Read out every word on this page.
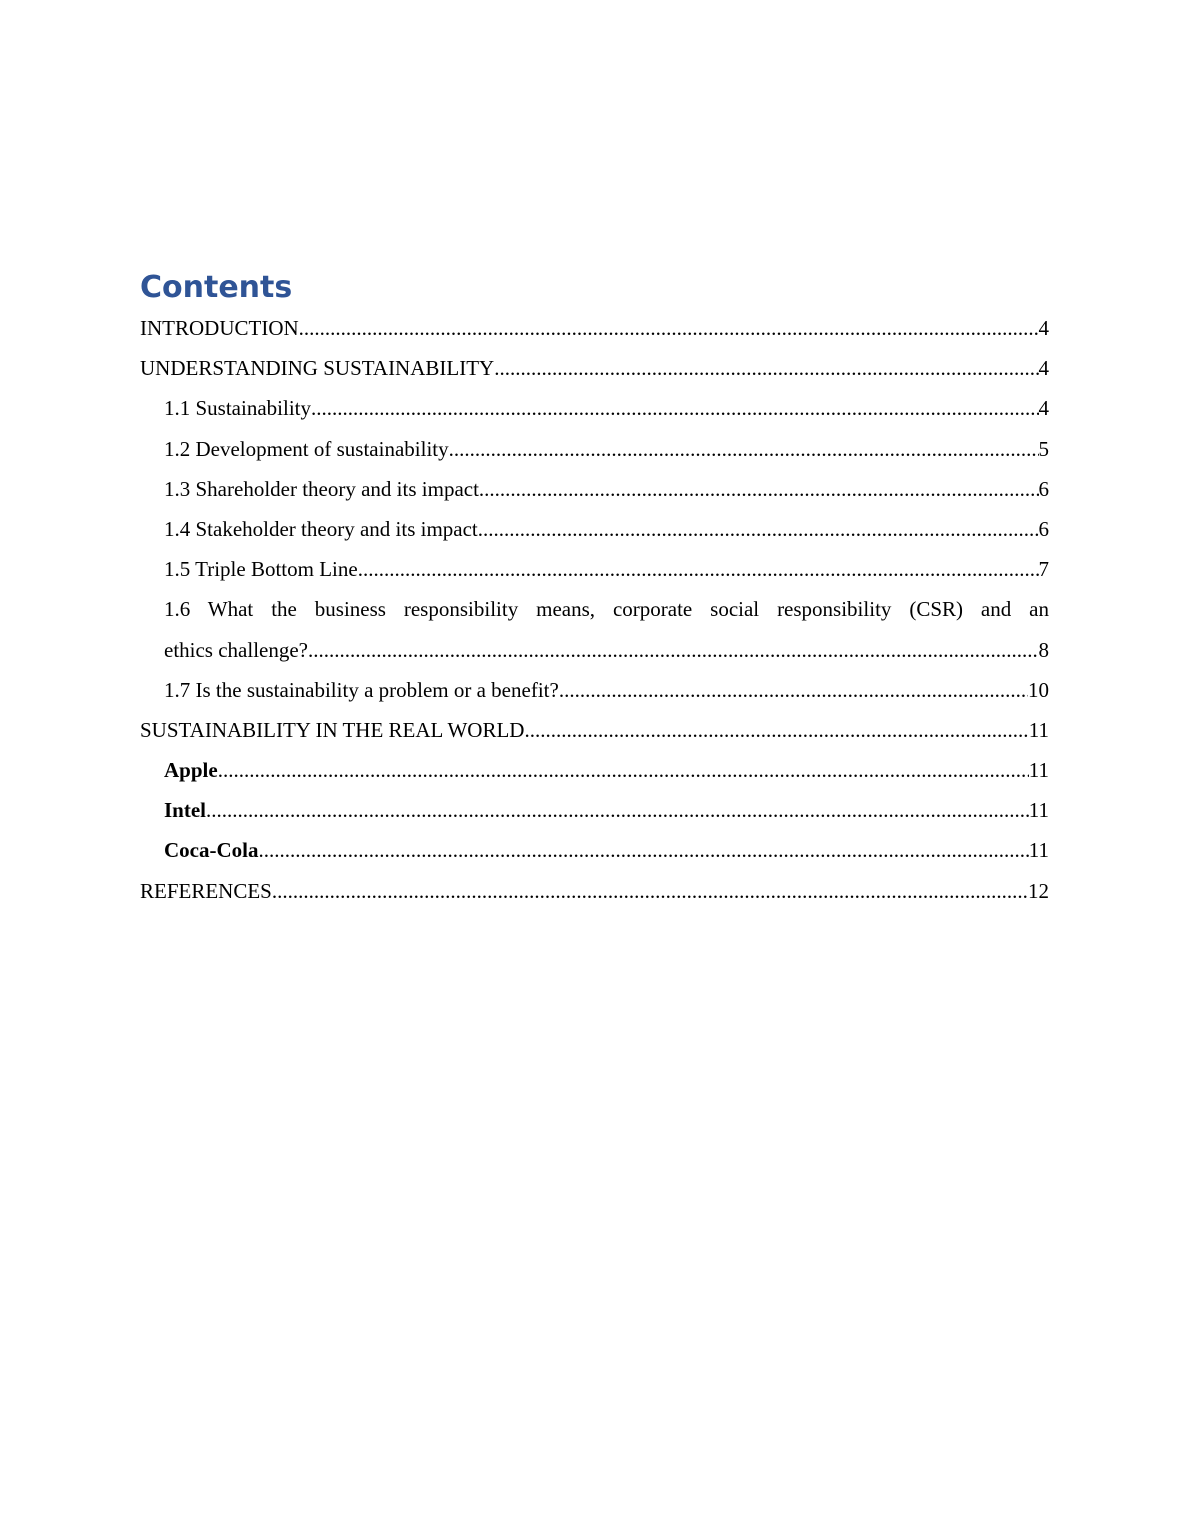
Contents
INTRODUCTION .....	4
UNDERSTANDING SUSTAINABILITY .....	4
1.1 Sustainability .....	4
1.2 Development of sustainability .....	5
1.3 Shareholder theory and its impact .....	6
1.4 Stakeholder theory and its impact .....	6
1.5 Triple Bottom Line .....	7
1.6 What the business responsibility means, corporate social responsibility (CSR) and an
ethics challenge? .....	8
1.7 Is the sustainability a problem or a benefit? .....	10
SUSTAINABILITY IN THE REAL WORLD .....	11
Apple .....	11
Intel .....	11
Coca-Cola .....	11
REFERENCES .....	12
